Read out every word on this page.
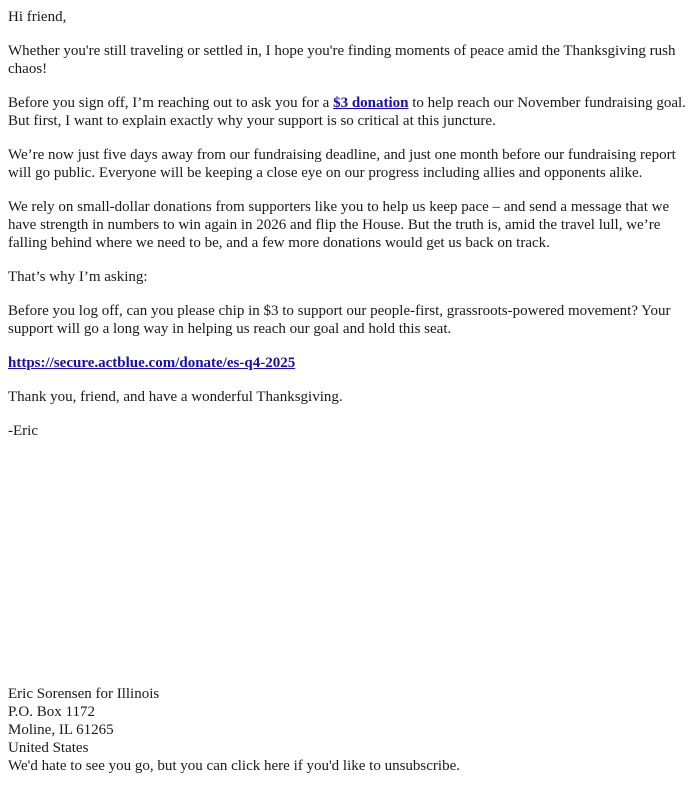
Hi friend,

Whether you're still traveling or settled in, I hope you're finding moments of peace amid the Thanksgiving rush chaos!

Before you sign off, I’m reaching out to ask you for a $3 donation to help reach our November fundraising goal. But first, I want to explain exactly why your support is so critical at this juncture.

We’re now just five days away from our fundraising deadline, and just one month before our fundraising report will go public. Everyone will be keeping a close eye on our progress including allies and opponents alike.

We rely on small-dollar donations from supporters like you to help us keep pace – and send a message that we have strength in numbers to win again in 2026 and flip the House. But the truth is, amid the travel lull, we’re falling behind where we need to be, and a few more donations would get us back on track.

That’s why I’m asking:

Before you log off, can you please chip in $3 to support our people-first, grassroots-powered movement? Your support will go a long way in helping us reach our goal and hold this seat.

https://secure.actblue.com/donate/es-q4-2025

Thank you, friend, and have a wonderful Thanksgiving.

-Eric

Eric Sorensen for Illinois
P.O. Box 1172
Moline, IL 61265
United States
We'd hate to see you go, but you can click here if you'd like to unsubscribe.
